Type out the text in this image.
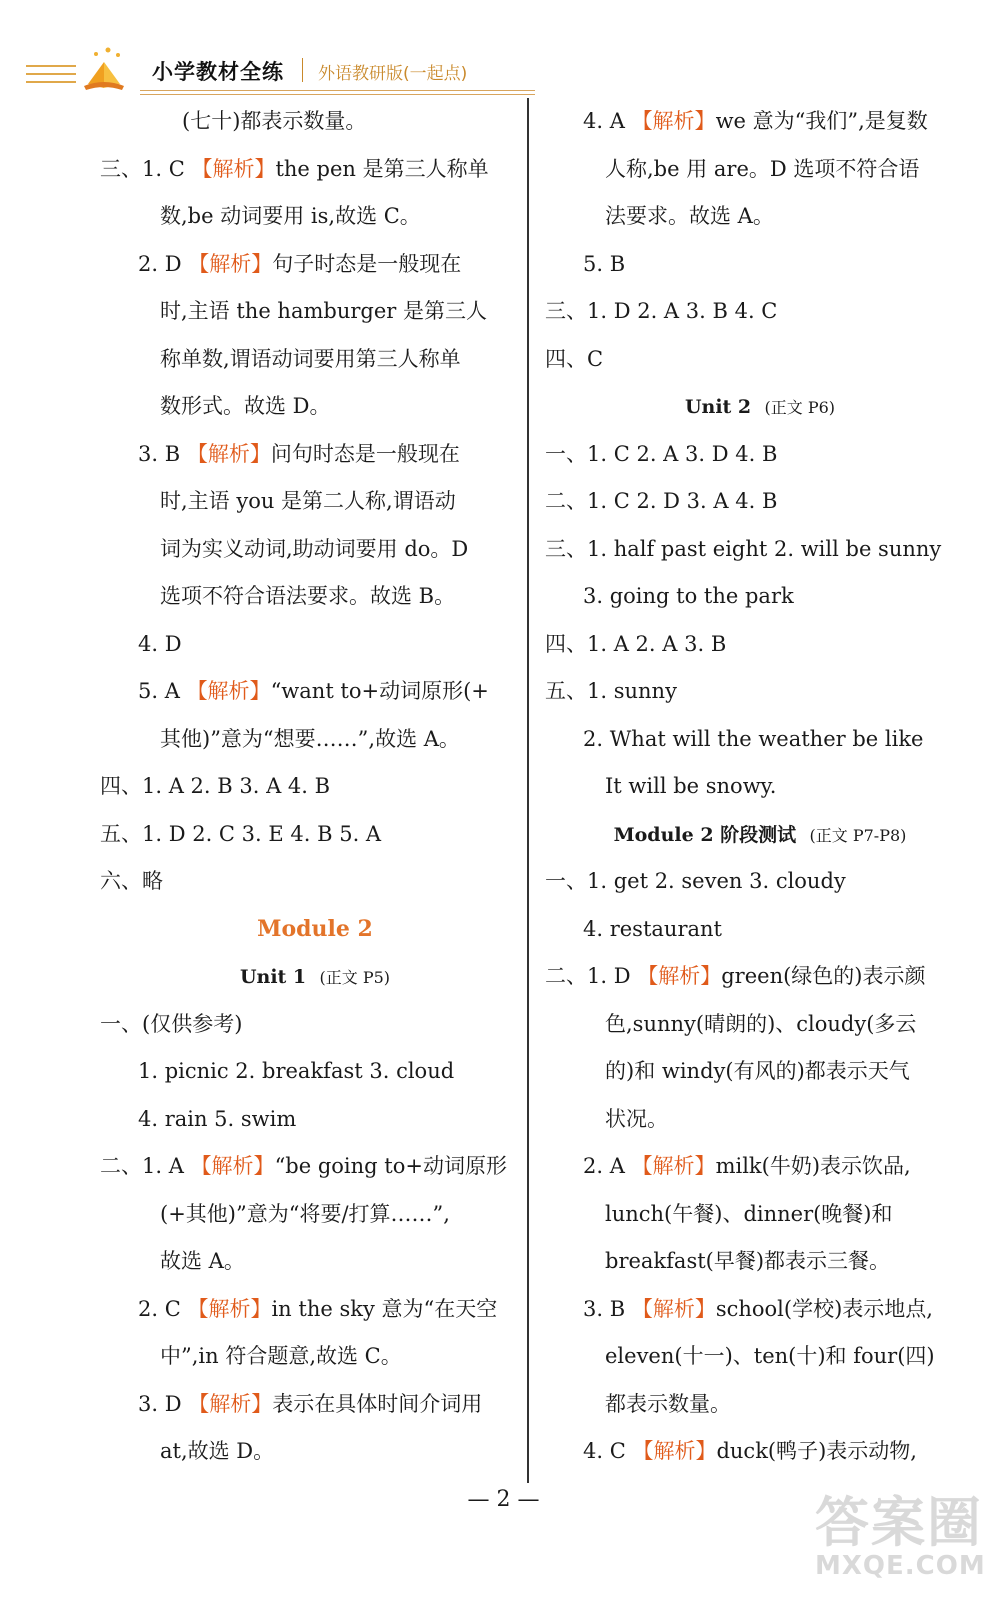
小学教材全练 外语教研版(一起点)
(七十)都表示数量。
三、1. C 【解析】the pen 是第三人称单
数,be 动词要用 is,故选 C。
2. D 【解析】句子时态是一般现在
时,主语 the hamburger 是第三人
称单数,谓语动词要用第三人称单
数形式。故选 D。
3. B 【解析】问句时态是一般现在
时,主语 you 是第二人称,谓语动
词为实义动词,助动词要用 do。D
选项不符合语法要求。故选 B。
4. D
5. A 【解析】“want to+动词原形(+
其他)”意为“想要……”,故选 A。
四、1. A 2. B 3. A 4. B
五、1. D 2. C 3. E 4. B 5. A
六、略
Module 2
Unit 1 (正文 P5)
一、(仅供参考)
1. picnic 2. breakfast 3. cloud
4. rain 5. swim
二、1. A 【解析】“be going to+动词原形
(+其他)”意为“将要/打算……”,
故选 A。
2. C 【解析】in the sky 意为“在天空
中”,in 符合题意,故选 C。
3. D 【解析】表示在具体时间介词用
at,故选 D。
4. A 【解析】we 意为“我们”,是复数
人称,be 用 are。D 选项不符合语
法要求。故选 A。
5. B
三、1. D 2. A 3. B 4. C
四、C
Unit 2 (正文 P6)
一、1. C 2. A 3. D 4. B
二、1. C 2. D 3. A 4. B
三、1. half past eight 2. will be sunny
3. going to the park
四、1. A 2. A 3. B
五、1. sunny
2. What will the weather be like
It will be snowy.
Module 2 阶段测试 (正文 P7-P8)
一、1. get 2. seven 3. cloudy
4. restaurant
二、1. D 【解析】green(绿色的)表示颜
色,sunny(晴朗的)、cloudy(多云
的)和 windy(有风的)都表示天气
状况。
2. A 【解析】milk(牛奶)表示饮品,
lunch(午餐)、dinner(晚餐)和
breakfast(早餐)都表示三餐。
3. B 【解析】school(学校)表示地点,
eleven(十一)、ten(十)和 four(四)
都表示数量。
4. C 【解析】duck(鸭子)表示动物,
— 2 —	答案圈
MXQE.COM
